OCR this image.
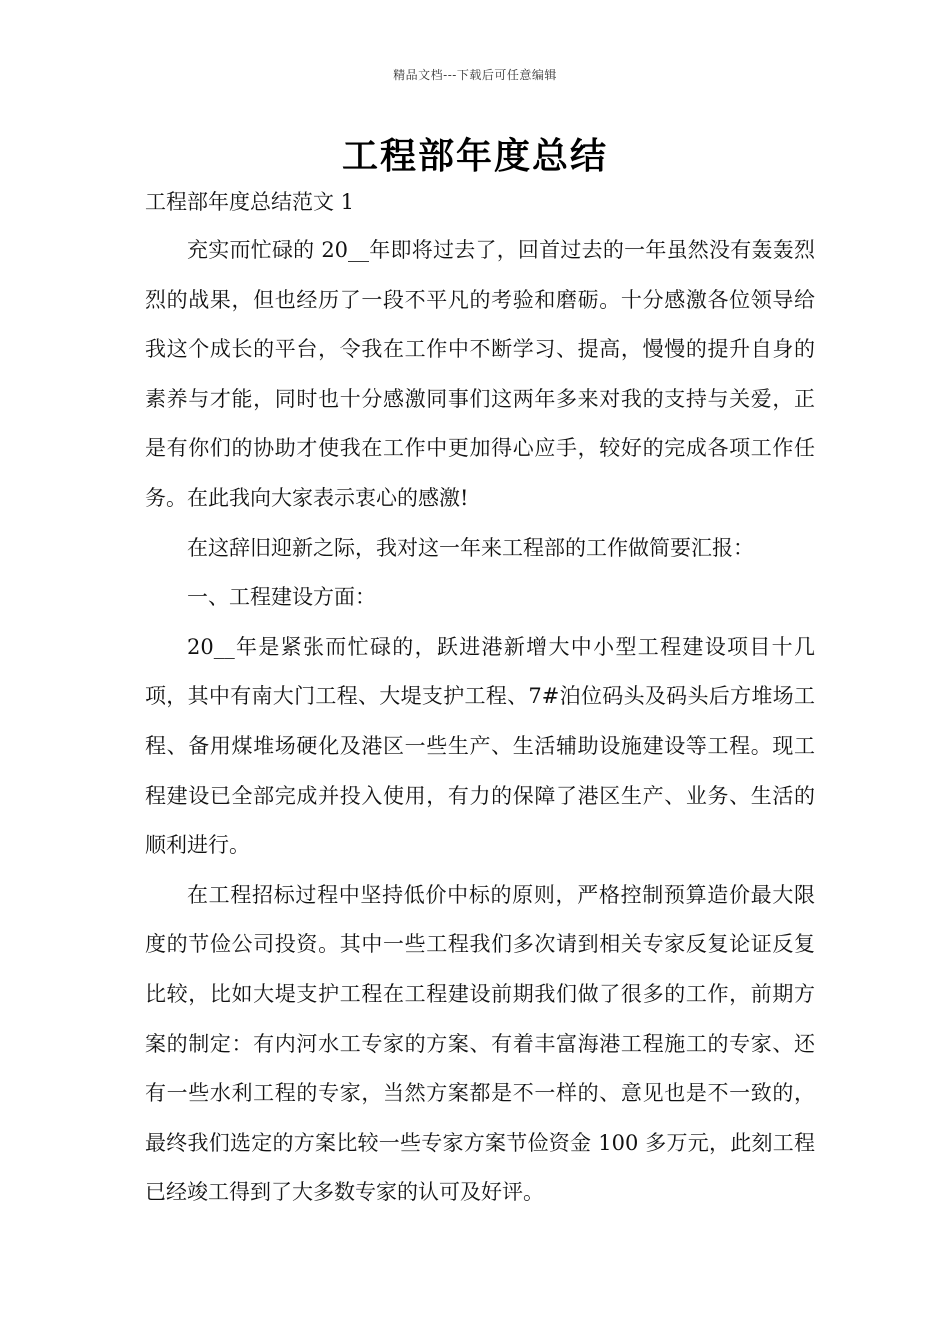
精品文档---下载后可任意编辑
工程部年度总结
工程部年度总结范文 1

充实而忙碌的 20__年即将过去了，回首过去的一年虽然没有轰轰烈烈的战果，但也经历了一段不平凡的考验和磨砺。十分感激各位领导给我这个成长的平台，令我在工作中不断学习、提高，慢慢的提升自身的素养与才能，同时也十分感激同事们这两年多来对我的支持与关爱，正是有你们的协助才使我在工作中更加得心应手，较好的完成各项工作任务。在此我向大家表示衷心的感激!

在这辞旧迎新之际，我对这一年来工程部的工作做简要汇报：

一、工程建设方面：

20__年是紧张而忙碌的，跃进港新增大中小型工程建设项目十几项，其中有南大门工程、大堤支护工程、7#泊位码头及码头后方堆场工程、备用煤堆场硬化及港区一些生产、生活辅助设施建设等工程。现工程建设已全部完成并投入使用，有力的保障了港区生产、业务、生活的顺利进行。

在工程招标过程中坚持低价中标的原则，严格控制预算造价最大限度的节俭公司投资。其中一些工程我们多次请到相关专家反复论证反复比较，比如大堤支护工程在工程建设前期我们做了很多的工作，前期方案的制定：有内河水工专家的方案、有着丰富海港工程施工的专家、还有一些水利工程的专家，当然方案都是不一样的、意见也是不一致的，最终我们选定的方案比较一些专家方案节俭资金 100 多万元，此刻工程已经竣工得到了大多数专家的认可及好评。
